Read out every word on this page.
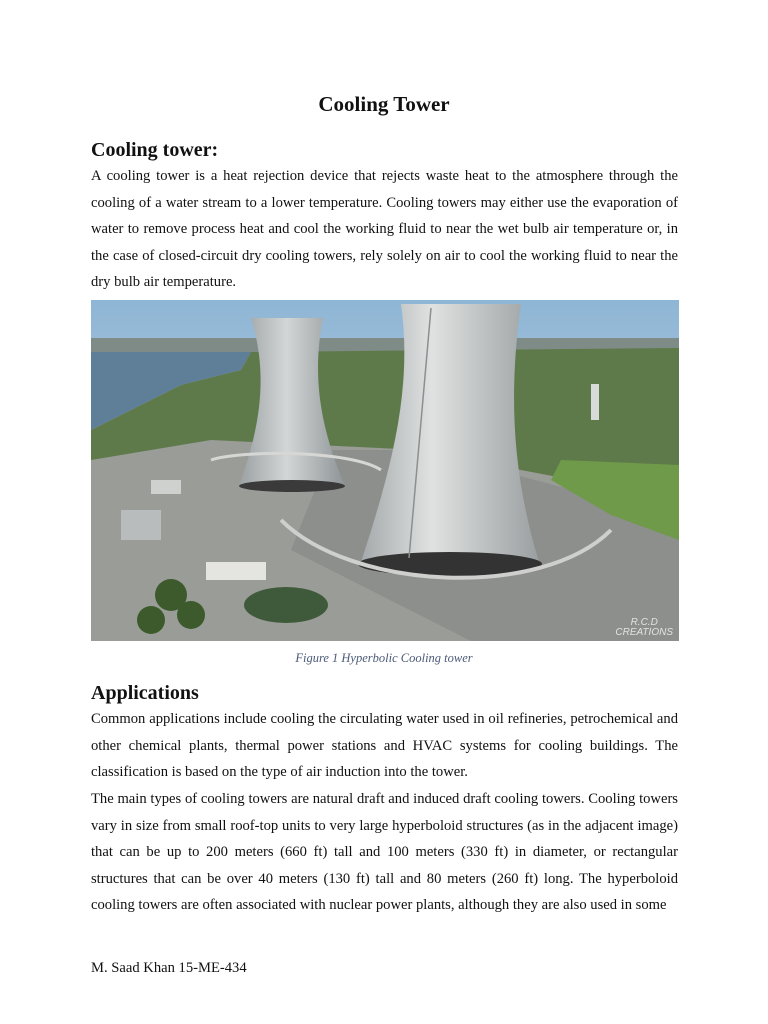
Cooling Tower
Cooling tower:

A cooling tower is a heat rejection device that rejects waste heat to the atmosphere through the cooling of a water stream to a lower temperature. Cooling towers may either use the evaporation of water to remove process heat and cool the working fluid to near the wet bulb air temperature or, in the case of closed-circuit dry cooling towers, rely solely on air to cool the working fluid to near the dry bulb air temperature.

R.C.D
CREATIONS

Figure 1 Hyperbolic Cooling tower

Applications

Common applications include cooling the circulating water used in oil refineries, petrochemical and other chemical plants, thermal power stations and HVAC systems for cooling buildings. The classification is based on the type of air induction into the tower.

The main types of cooling towers are natural draft and induced draft cooling towers. Cooling towers vary in size from small roof-top units to very large hyperboloid structures (as in the adjacent image) that can be up to 200 meters (660 ft) tall and 100 meters (330 ft) in diameter, or rectangular structures that can be over 40 meters (130 ft) tall and 80 meters (260 ft) long. The hyperboloid cooling towers are often associated with nuclear power plants, although they are also used in some

M. Saad Khan 15-ME-434
